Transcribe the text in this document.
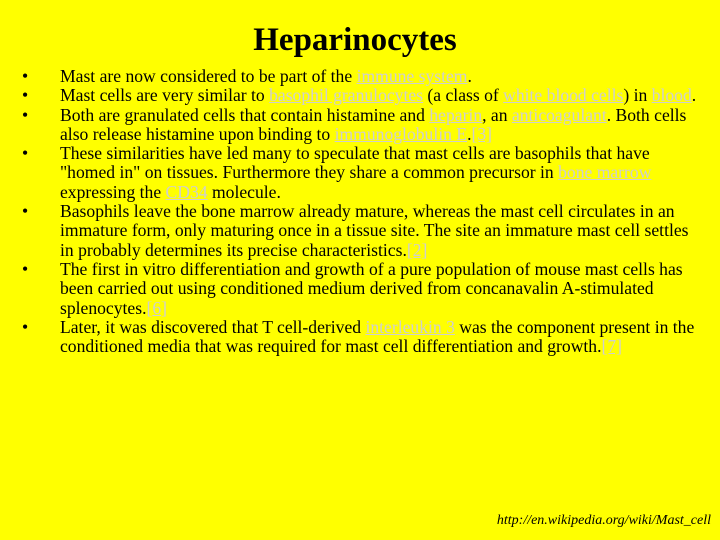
Heparinocytes
•	Mast are now considered to be part of the immune system.
•	Mast cells are very similar to basophil granulocytes (a class of white blood cells) in blood.
•	Both are granulated cells that contain histamine and heparin, an anticoagulant. Both cells also release histamine upon binding to immunoglobulin E.[3]
•	These similarities have led many to speculate that mast cells are basophils that have "homed in" on tissues. Furthermore they share a common precursor in bone marrow expressing the CD34 molecule.
•	Basophils leave the bone marrow already mature, whereas the mast cell circulates in an immature form, only maturing once in a tissue site. The site an immature mast cell settles in probably determines its precise characteristics.[2]
•	The first in vitro differentiation and growth of a pure population of mouse mast cells has been carried out using conditioned medium derived from concanavalin A-stimulated splenocytes.[6]
•	Later, it was discovered that T cell-derived interleukin 3 was the component present in the conditioned media that was required for mast cell differentiation and growth.[7]
http://en.wikipedia.org/wiki/Mast_cell
